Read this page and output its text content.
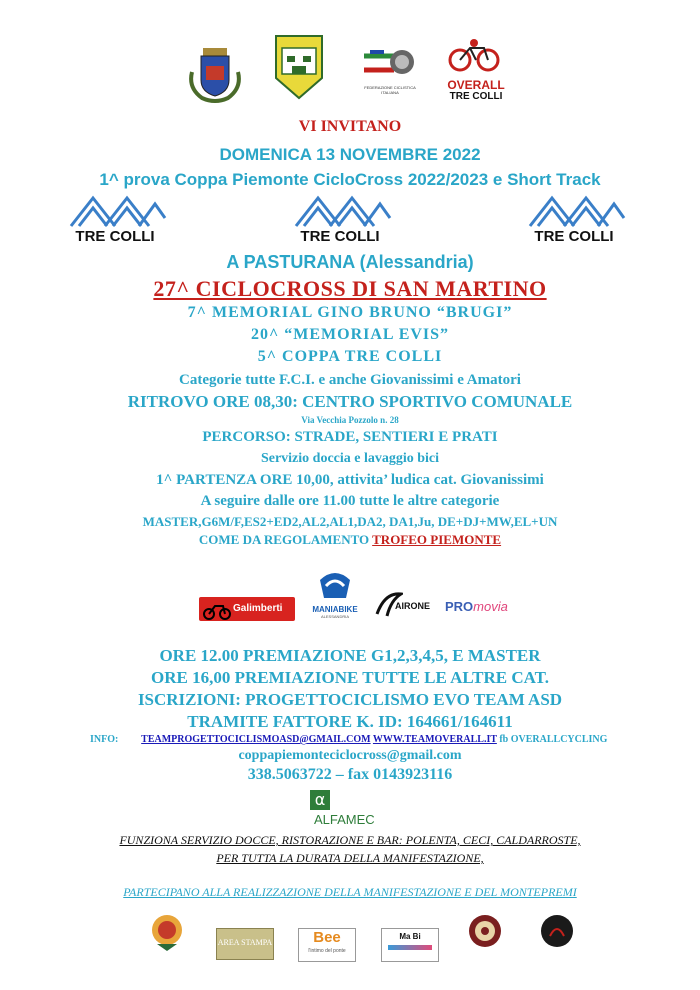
FEDERAZIONE CICLISTICA ITALIANA
OVERALL
TRE COLLI
VI INVITANO
DOMENICA 13 NOVEMBRE 2022
1^ prova Coppa Piemonte CicloCross 2022/2023 e Short Track
TRE COLLI	TRE COLLI	TRE COLLI
A PASTURANA (Alessandria)
27^ CICLOCROSS DI SAN MARTINO
7^ MEMORIAL GINO BRUNO “BRUGI”
20^ “MEMORIAL EVIS”
5^ COPPA TRE COLLI
Categorie tutte F.C.I. e anche Giovanissimi e Amatori
RITROVO ORE 08,30: CENTRO SPORTIVO COMUNALE
Via Vecchia Pozzolo n. 28
PERCORSO: STRADE, SENTIERI E PRATI
Servizio doccia e lavaggio bici
1^ PARTENZA ORE 10,00, attivita’ ludica cat. Giovanissimi
A seguire dalle ore 11.00 tutte le altre categorie
MASTER,G6M/F,ES2+ED2,AL2,AL1,DA2, DA1,Ju, DE+DJ+MW,EL+UN
COME DA REGOLAMENTO TROFEO PIEMONTE
Galimberti	MANIABIKE
ALESSANDRIA
AIRONE PROmovia
ORE 12.00 PREMIAZIONE G1,2,3,4,5, E MASTER
ORE 16,00 PREMIAZIONE TUTTE LE ALTRE CAT.
ISCRIZIONI: PROGETTOCICLISMO EVO TEAM ASD
TRAMITE FATTORE K. ID: 164661/164611
INFO: TEAMPROGETTOCICLISMOASD@GMAIL.COM WWW.TEAMOVERALL.IT fb OVERALLCYCLING
coppapiemonteciclocross@gmail.com
338.5063722 – fax 0143923116
αALFAMEC
FUNZIONA SERVIZIO DOCCE, RISTORAZIONE E BAR: POLENTA, CECI, CALDARROSTE,
PER TUTTA LA DURATA DELLA MANIFESTAZIONE,
PARTECIPANO ALLA REALIZZAZIONE DELLA MANIFESTAZIONE E DEL MONTEPREMI
AREA STAMPA	Bee
l'intimo del ponte
Ma Bi
